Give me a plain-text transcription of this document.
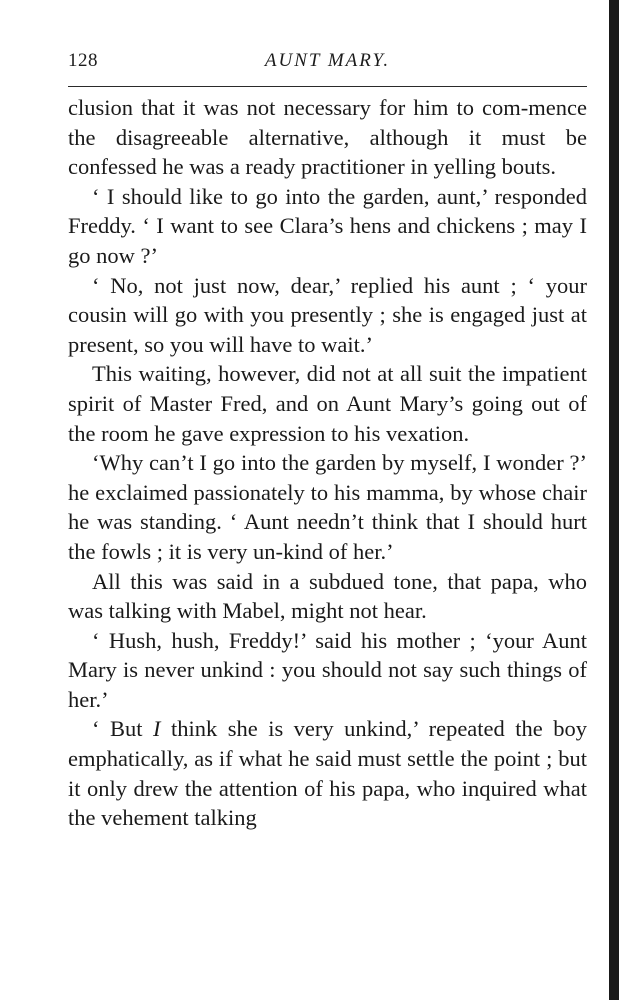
128	AUNT MARY.

clusion that it was not necessary for him to com-mence the disagreeable alternative, although it must be confessed he was a ready practitioner in yelling bouts.

‘ I should like to go into the garden, aunt,’ responded Freddy. ‘ I want to see Clara’s hens and chickens ; may I go now ?’

‘ No, not just now, dear,’ replied his aunt ; ‘ your cousin will go with you presently ; she is engaged just at present, so you will have to wait.’

This waiting, however, did not at all suit the impatient spirit of Master Fred, and on Aunt Mary’s going out of the room he gave expression to his vexation.

‘Why can’t I go into the garden by myself, I wonder ?’ he exclaimed passionately to his mamma, by whose chair he was standing. ‘ Aunt needn’t think that I should hurt the fowls ; it is very un-kind of her.’

All this was said in a subdued tone, that papa, who was talking with Mabel, might not hear.

‘ Hush, hush, Freddy!’ said his mother ; ‘your Aunt Mary is never unkind : you should not say such things of her.’

‘ But I think she is very unkind,’ repeated the boy emphatically, as if what he said must settle the point ; but it only drew the attention of his papa, who inquired what the vehement talking
